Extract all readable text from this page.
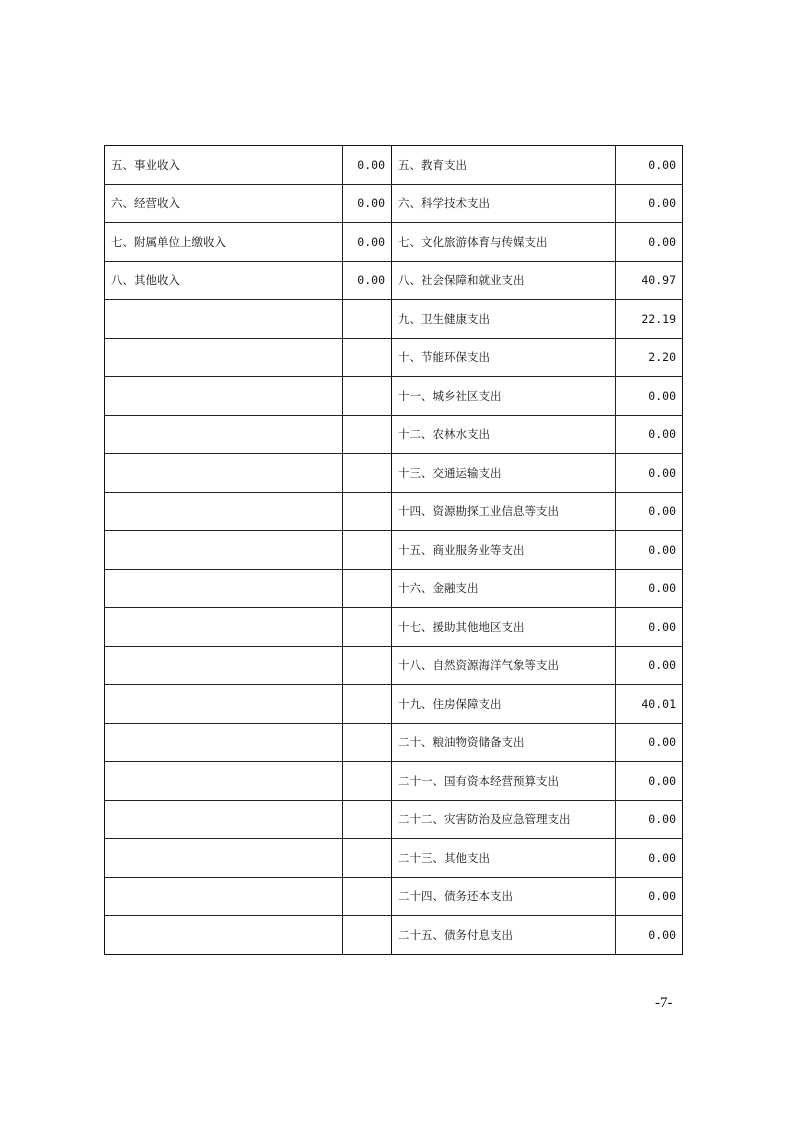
五、事业收入	0.00	五、教育支出	0.00
六、经营收入	0.00	六、科学技术支出	0.00
七、附属单位上缴收入	0.00	七、文化旅游体育与传媒支出	0.00
八、其他收入	0.00	八、社会保障和就业支出	40.97
		九、卫生健康支出	22.19
		十、节能环保支出	2.20
		十一、城乡社区支出	0.00
		十二、农林水支出	0.00
		十三、交通运输支出	0.00
		十四、资源勘探工业信息等支出	0.00
		十五、商业服务业等支出	0.00
		十六、金融支出	0.00
		十七、援助其他地区支出	0.00
		十八、自然资源海洋气象等支出	0.00
		十九、住房保障支出	40.01
		二十、粮油物资储备支出	0.00
		二十一、国有资本经营预算支出	0.00
		二十二、灾害防治及应急管理支出	0.00
		二十三、其他支出	0.00
		二十四、债务还本支出	0.00
		二十五、债务付息支出	0.00
-7-
